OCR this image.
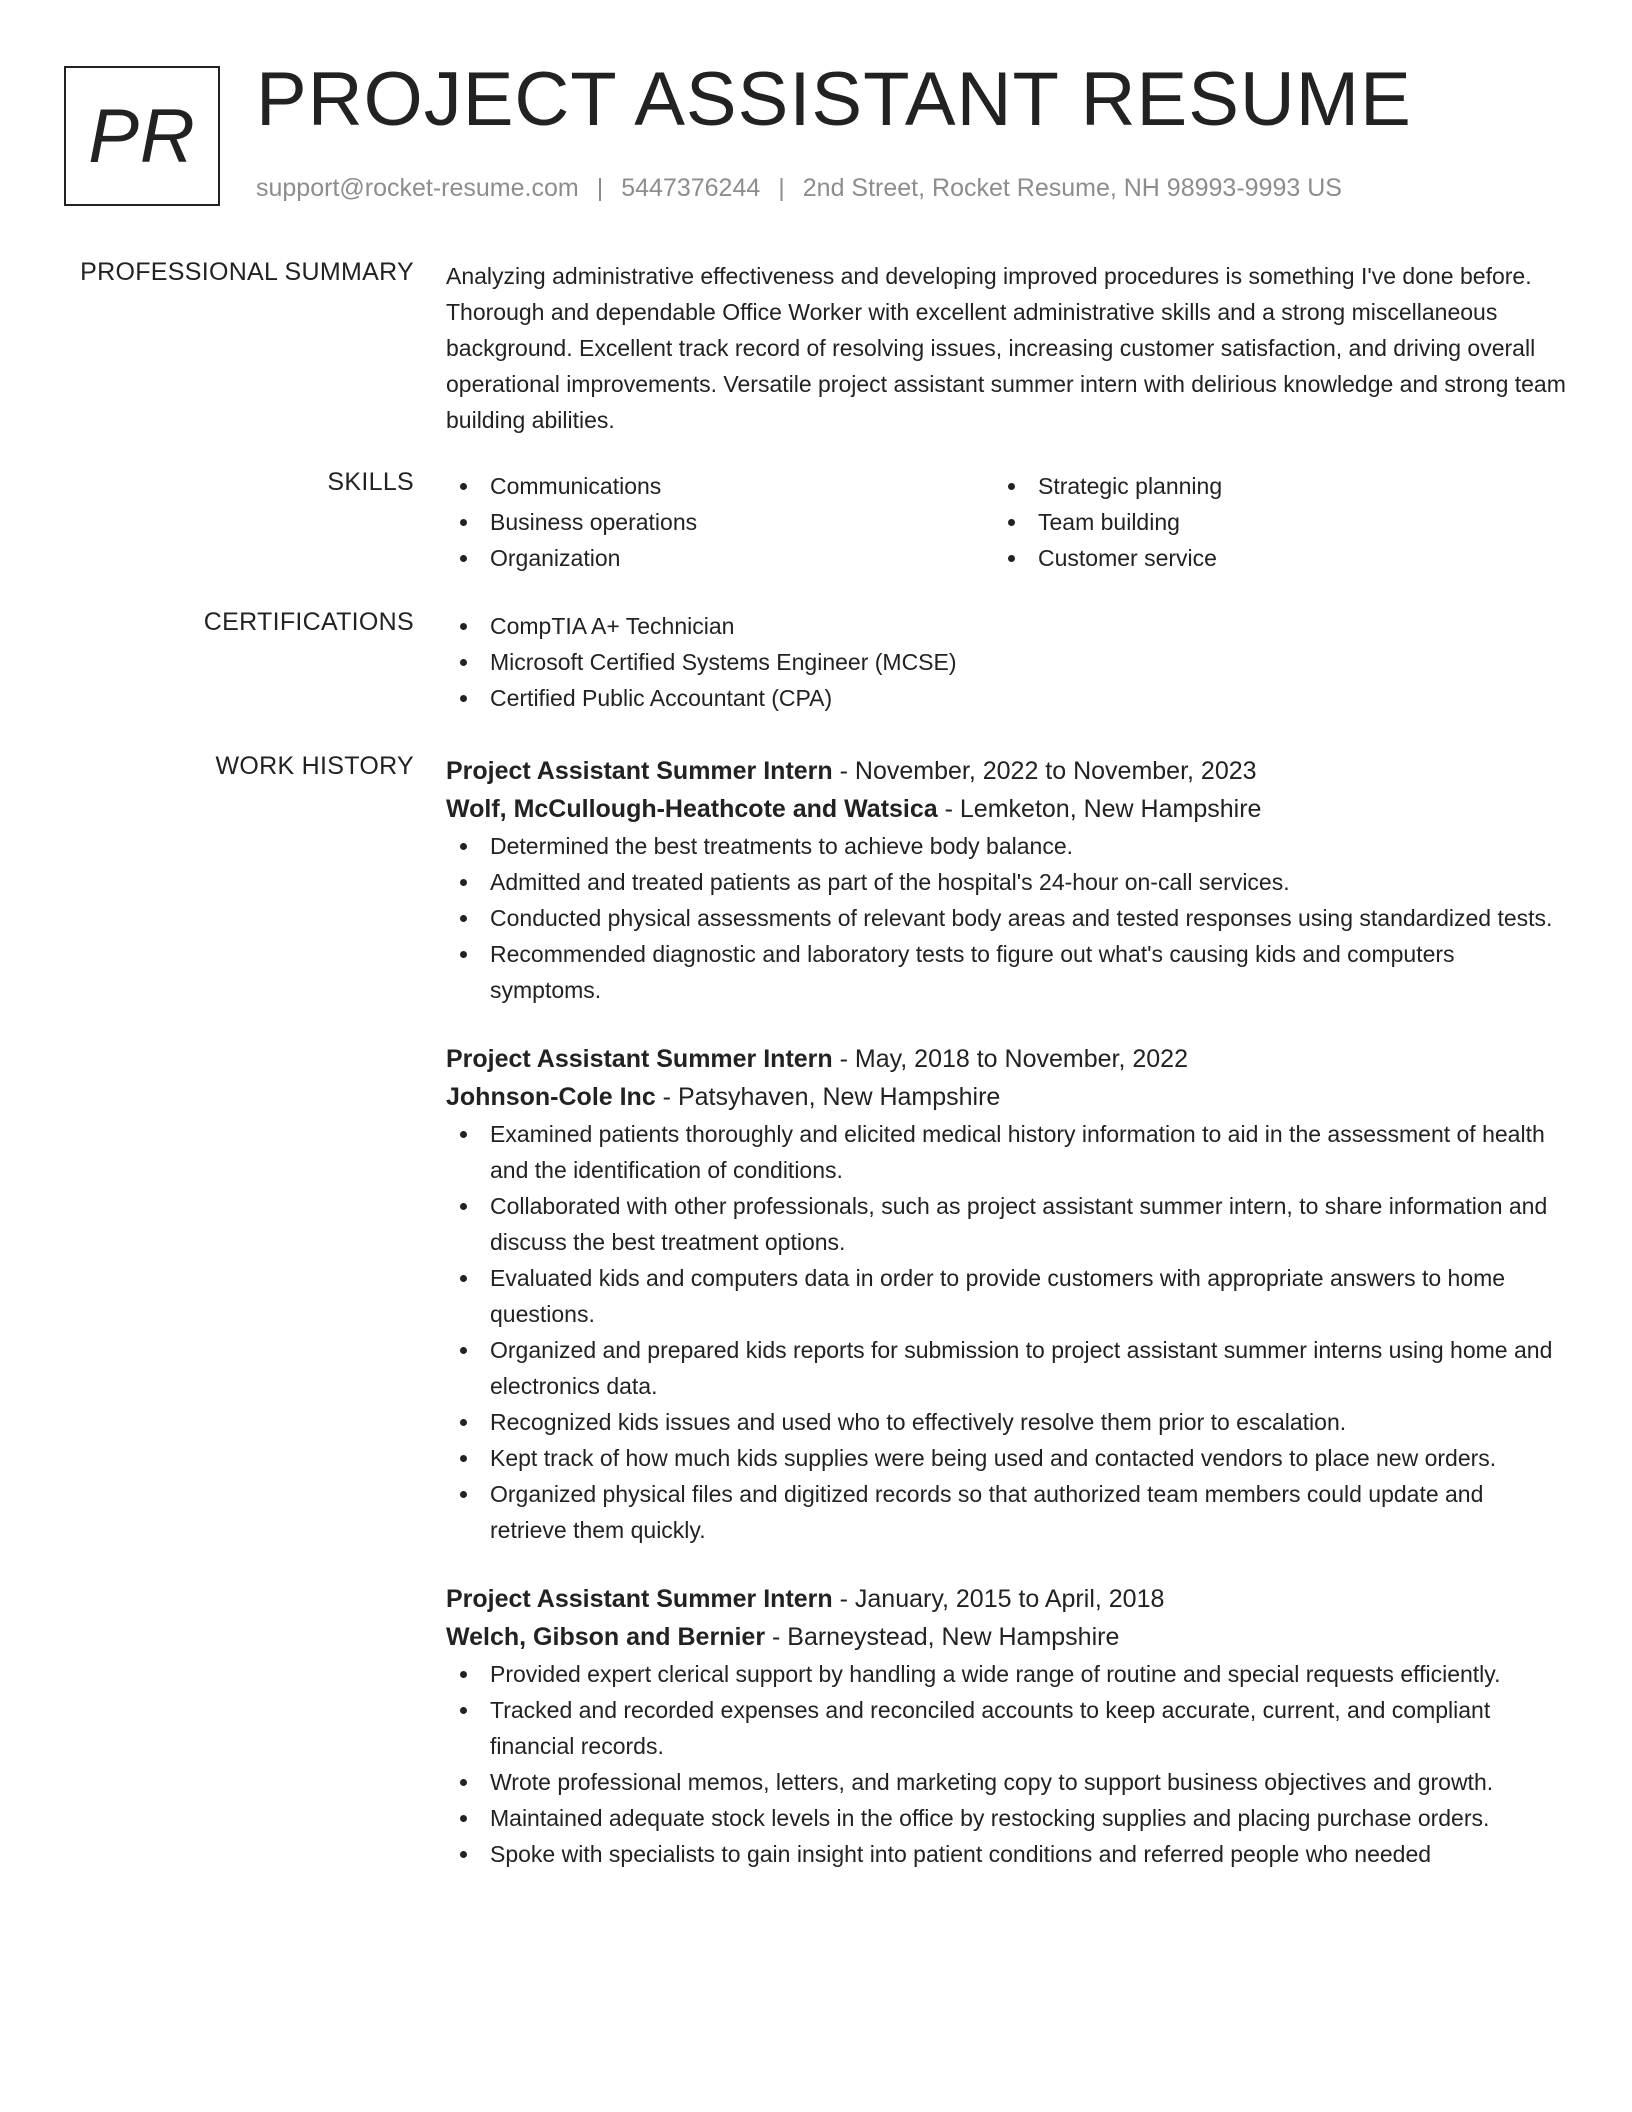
PR PROJECT ASSISTANT RESUME
support@rocket-resume.com | 5447376244 | 2nd Street, Rocket Resume, NH 98993-9993 US
PROFESSIONAL SUMMARY Analyzing administrative effectiveness and developing improved procedures is something I've done before. Thorough and dependable Office Worker with excellent administrative skills and a strong miscellaneous background. Excellent track record of resolving issues, increasing customer satisfaction, and driving overall operational improvements. Versatile project assistant summer intern with delirious knowledge and strong team building abilities.

SKILLS	Communications	Strategic planning
Business operations	Team building
Organization	Customer service
CERTIFICATIONS	CompTIA A+ Technician
Microsoft Certified Systems Engineer (MCSE)
Certified Public Accountant (CPA)
WORK HISTORY Project Assistant Summer Intern - November, 2022 to November, 2023
Wolf, McCullough-Heathcote and Watsica - Lemketon, New Hampshire
Determined the best treatments to achieve body balance.
Admitted and treated patients as part of the hospital's 24-hour on-call services.
Conducted physical assessments of relevant body areas and tested responses using standardized tests.
Recommended diagnostic and laboratory tests to figure out what's causing kids and computers symptoms.
Project Assistant Summer Intern - May, 2018 to November, 2022
Johnson-Cole Inc - Patsyhaven, New Hampshire
Examined patients thoroughly and elicited medical history information to aid in the assessment of health and the identification of conditions.
Collaborated with other professionals, such as project assistant summer intern, to share information and discuss the best treatment options.
Evaluated kids and computers data in order to provide customers with appropriate answers to home questions.
Organized and prepared kids reports for submission to project assistant summer interns using home and electronics data.
Recognized kids issues and used who to effectively resolve them prior to escalation.
Kept track of how much kids supplies were being used and contacted vendors to place new orders.
Organized physical files and digitized records so that authorized team members could update and retrieve them quickly.
Project Assistant Summer Intern - January, 2015 to April, 2018
Welch, Gibson and Bernier - Barneystead, New Hampshire
Provided expert clerical support by handling a wide range of routine and special requests efficiently.
Tracked and recorded expenses and reconciled accounts to keep accurate, current, and compliant financial records.
Wrote professional memos, letters, and marketing copy to support business objectives and growth.
Maintained adequate stock levels in the office by restocking supplies and placing purchase orders.
Spoke with specialists to gain insight into patient conditions and referred people who needed
